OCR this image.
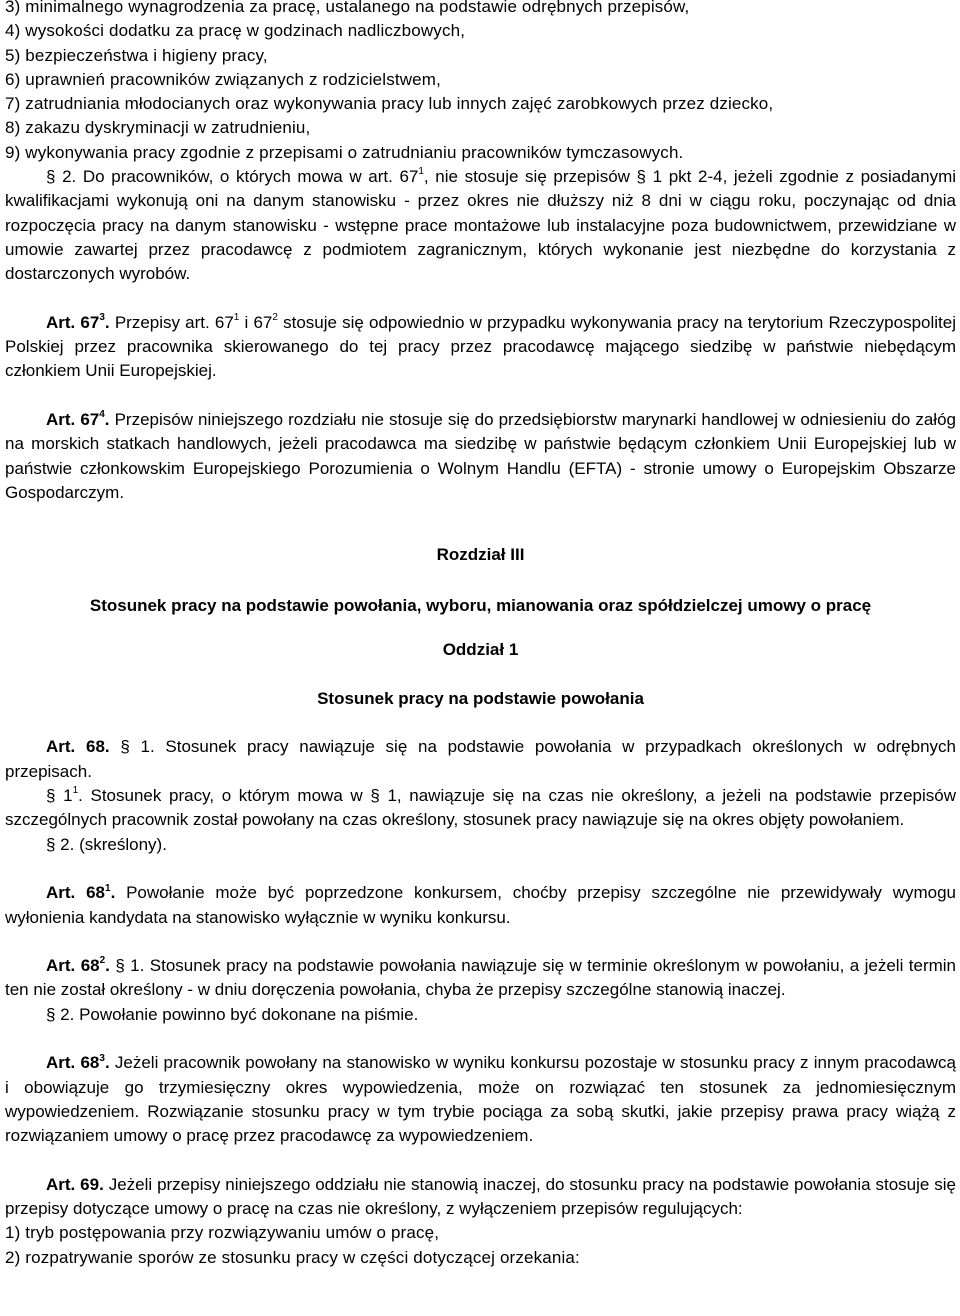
3) minimalnego wynagrodzenia za pracę, ustalanego na podstawie odrębnych przepisów,
4) wysokości dodatku za pracę w godzinach nadliczbowych,
5) bezpieczeństwa i higieny pracy,
6) uprawnień pracowników związanych z rodzicielstwem,
7) zatrudniania młodocianych oraz wykonywania pracy lub innych zajęć zarobkowych przez dziecko,
8) zakazu dyskryminacji w zatrudnieniu,
9) wykonywania pracy zgodnie z przepisami o zatrudnianiu pracowników tymczasowych.

§ 2. Do pracowników, o których mowa w art. $67^1$, nie stosuje się przepisów § 1 pkt 2-4, jeżeli zgodnie z posiadanymi kwalifikacjami wykonują oni na danym stanowisku - przez okres nie dłuższy niż 8 dni w ciągu roku, poczynając od dnia rozpoczęcia pracy na danym stanowisku - wstępne prace montażowe lub instalacyjne poza budownictwem, przewidziane w umowie zawartej przez pracodawcę z podmiotem zagranicznym, których wykonanie jest niezbędne do korzystania z dostarczonych wyrobów.

Art. $67^3$. Przepisy art. $67^1$ i $67^2$ stosuje się odpowiednio w przypadku wykonywania pracy na terytorium Rzeczypospolitej Polskiej przez pracownika skierowanego do tej pracy przez pracodawcę mającego siedzibę w państwie niebędącym członkiem Unii Europejskiej.

Art. $67^4$. Przepisów niniejszego rozdziału nie stosuje się do przedsiębiorstw marynarki handlowej w odniesieniu do załóg na morskich statkach handlowych, jeżeli pracodawca ma siedzibę w państwie będącym członkiem Unii Europejskiej lub w państwie członkowskim Europejskiego Porozumienia o Wolnym Handlu (EFTA) - stronie umowy o Europejskim Obszarze Gospodarczym.

Rozdział III
Stosunek pracy na podstawie powołania, wyboru, mianowania oraz spółdzielczej umowy o pracę
Oddział 1
Stosunek pracy na podstawie powołania

Art. 68. § 1. Stosunek pracy nawiązuje się na podstawie powołania w przypadkach określonych w odrębnych przepisach.

§ $1^1$. Stosunek pracy, o którym mowa w § 1, nawiązuje się na czas nie określony, a jeżeli na podstawie przepisów szczególnych pracownik został powołany na czas określony, stosunek pracy nawiązuje się na okres objęty powołaniem.

§ 2. (skreślony).

Art. $68^1$. Powołanie może być poprzedzone konkursem, choćby przepisy szczególne nie przewidywały wymogu wyłonienia kandydata na stanowisko wyłącznie w wyniku konkursu.

Art. $68^2$. § 1. Stosunek pracy na podstawie powołania nawiązuje się w terminie określonym w powołaniu, a jeżeli termin ten nie został określony - w dniu doręczenia powołania, chyba że przepisy szczególne stanowią inaczej.

§ 2. Powołanie powinno być dokonane na piśmie.

Art. $68^3$. Jeżeli pracownik powołany na stanowisko w wyniku konkursu pozostaje w stosunku pracy z innym pracodawcą i obowiązuje go trzymiesięczny okres wypowiedzenia, może on rozwiązać ten stosunek za jednomiesięcznym wypowiedzeniem. Rozwiązanie stosunku pracy w tym trybie pociąga za sobą skutki, jakie przepisy prawa pracy wiążą z rozwiązaniem umowy o pracę przez pracodawcę za wypowiedzeniem.

Art. 69. Jeżeli przepisy niniejszego oddziału nie stanowią inaczej, do stosunku pracy na podstawie powołania stosuje się przepisy dotyczące umowy o pracę na czas nie określony, z wyłączeniem przepisów regulujących:

1) tryb postępowania przy rozwiązywaniu umów o pracę,
2) rozpatrywanie sporów ze stosunku pracy w części dotyczącej orzekania:
